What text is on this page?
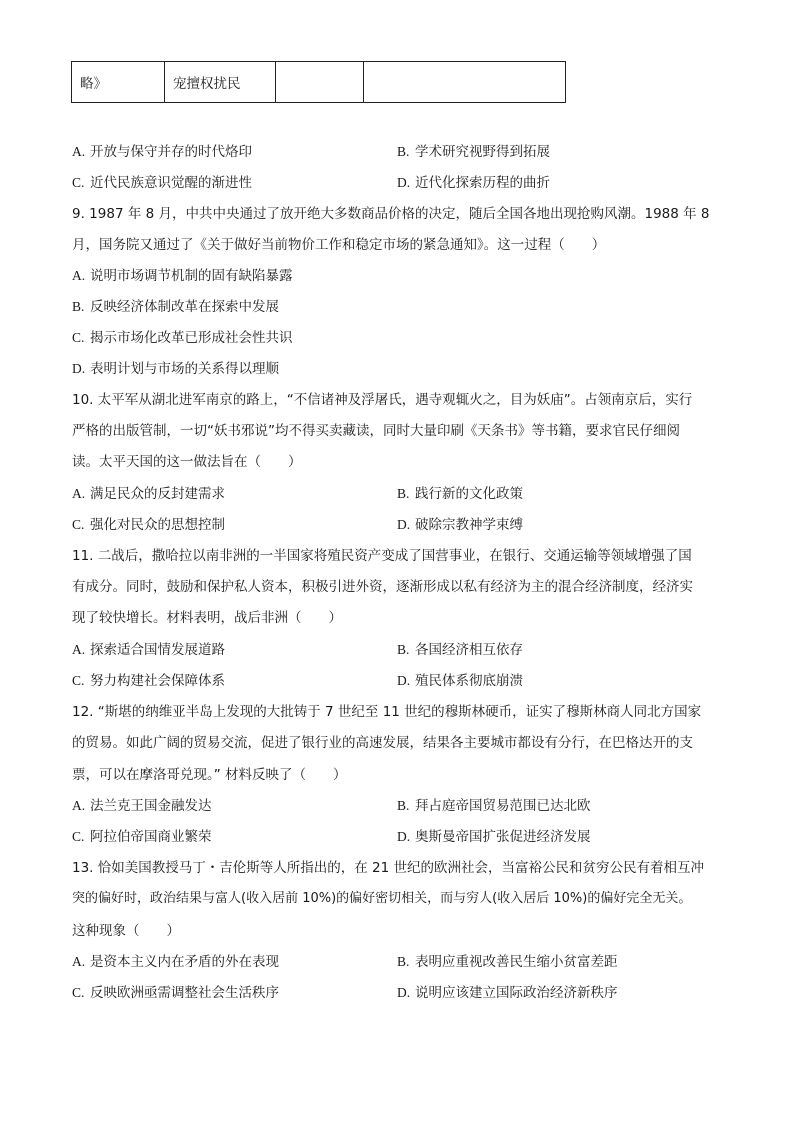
略》	宠擅权扰民		
A. 开放与保守并存的时代烙印	B. 学术研究视野得到拓展
C. 近代民族意识觉醒的渐进性	D. 近代化探索历程的曲折
9. 1987 年 8 月，中共中央通过了放开绝大多数商品价格的决定，随后全国各地出现抢购风潮。1988 年 8
月，国务院又通过了《关于做好当前物价工作和稳定市场的紧急通知》。这一过程（　　）
A. 说明市场调节机制的固有缺陷暴露
B. 反映经济体制改革在探索中发展
C. 揭示市场化改革已形成社会性共识
D. 表明计划与市场的关系得以理顺
10. 太平军从湖北进军南京的路上，“不信诸神及浮屠氏，遇寺观辄火之，目为妖庙”。占领南京后，实行
严格的出版管制，一切“妖书邪说”均不得买卖藏读，同时大量印刷《天条书》等书籍，要求官民仔细阅
读。太平天国的这一做法旨在（　　）
A. 满足民众的反封建需求	B. 践行新的文化政策
C. 强化对民众的思想控制	D. 破除宗教神学束缚
11. 二战后，撒哈拉以南非洲的一半国家将殖民资产变成了国营事业，在银行、交通运输等领域增强了国
有成分。同时，鼓励和保护私人资本，积极引进外资，逐渐形成以私有经济为主的混合经济制度，经济实
现了较快增长。材料表明，战后非洲（　　）
A. 探索适合国情发展道路	B. 各国经济相互依存
C. 努力构建社会保障体系	D. 殖民体系彻底崩溃
12. “斯堪的纳维亚半岛上发现的大批铸于 7 世纪至 11 世纪的穆斯林硬币，证实了穆斯林商人同北方国家
的贸易。如此广阔的贸易交流，促进了银行业的高速发展，结果各主要城市都设有分行，在巴格达开的支
票，可以在摩洛哥兑现。” 材料反映了（　　）
A. 法兰克王国金融发达	B. 拜占庭帝国贸易范围已达北欧
C. 阿拉伯帝国商业繁荣	D. 奥斯曼帝国扩张促进经济发展
13. 恰如美国教授马丁・吉伦斯等人所指出的，在 21 世纪的欧洲社会，当富裕公民和贫穷公民有着相互冲
突的偏好时，政治结果与富人(收入居前 10%)的偏好密切相关，而与穷人(收入居后 10%)的偏好完全无关。
这种现象（　　）
A. 是资本主义内在矛盾的外在表现	B. 表明应重视改善民生缩小贫富差距
C. 反映欧洲亟需调整社会生活秩序	D. 说明应该建立国际政治经济新秩序
